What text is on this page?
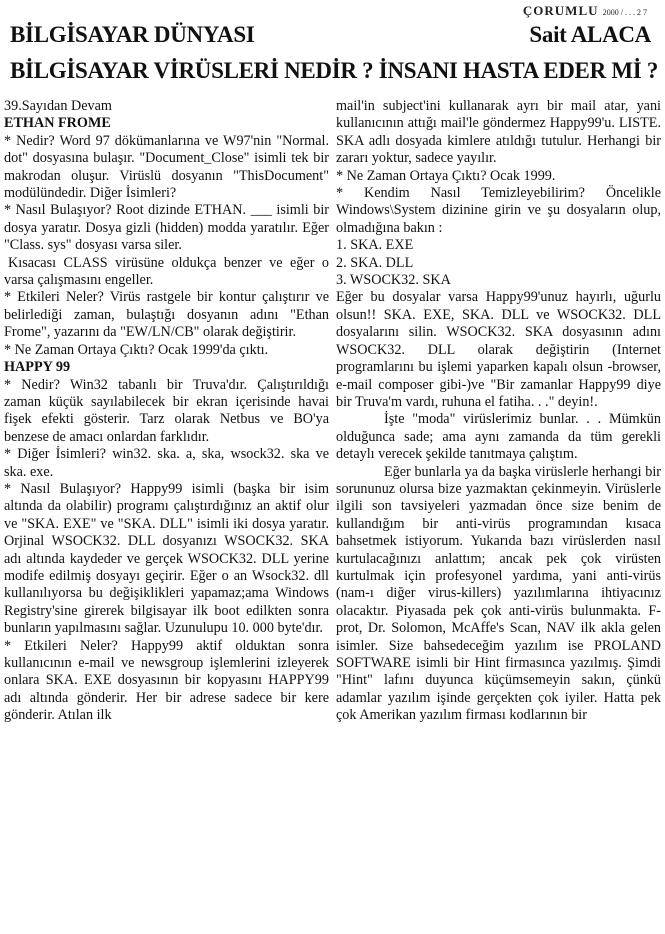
ÇORUMLU 2000 / . . . 2 7
BİLGİSAYAR DÜNYASI	Sait ALACA
BİLGİSAYAR VİRÜSLERİ NEDİR ? İNSANI HASTA EDER Mİ ?

39.Sayıdan Devam

ETHAN FROME

* Nedir? Word 97 dökümanlarına ve W97'nin "Normal. dot" dosyasına bulaşır. "Document_Close" isimli tek bir makrodan oluşur. Virüslü dosyanın "ThisDocument" modülündedir. Diğer İsimleri?

* Nasıl Bulaşıyor? Root dizinde ETHAN. ___ isimli bir dosya yaratır. Dosya gizli (hidden) modda yaratılır. Eğer "Class. sys" dosyası varsa siler.

Kısacası CLASS virüsüne oldukça benzer ve eğer o varsa çalışmasını engeller.

* Etkileri Neler? Virüs rastgele bir kontur çalıştırır ve belirlediği zaman, bulaştığı dosyanın adını "Ethan Frome", yazarını da "EW/LN/CB" olarak değiştirir.

* Ne Zaman Ortaya Çıktı? Ocak 1999'da çıktı.

HAPPY 99

* Nedir? Win32 tabanlı bir Truva'dır. Çalıştırıldığı zaman küçük sayılabilecek bir ekran içerisinde havai fişek efekti gösterir. Tarz olarak Netbus ve BO'ya benzese de amacı onlardan farklıdır.

* Diğer İsimleri? win32. ska. a, ska, wsock32. ska ve ska. exe.

* Nasıl Bulaşıyor? Happy99 isimli (başka bir isim altında da olabilir) programı çalıştırdığınız an aktif olur ve "SKA. EXE" ve "SKA. DLL" isimli iki dosya yaratır. Orjinal WSOCK32. DLL dosyanızı WSOCK32. SKA adı altında kaydeder ve gerçek WSOCK32. DLL yerine modife edilmiş dosyayı geçirir. Eğer o an Wsock32. dll kullanılıyorsa bu değişiklikleri yapamaz;ama Windows Registry'sine girerek bilgisayar ilk boot edilkten sonra bunların yapılmasını sağlar. Uzunulupu 10. 000 byte'dır.

* Etkileri Neler? Happy99 aktif olduktan sonra kullanıcının e-mail ve newsgroup işlemlerini izleyerek onlara SKA. EXE dosyasının bir kopyasını HAPPY99 adı altında gönderir. Her bir adrese sadece bir kere gönderir. Atılan ilk

mail'in subject'ini kullanarak ayrı bir mail atar, yani kullanıcının attığı mail'le göndermez Happy99'u. LISTE. SKA adlı dosyada kimlere atıldığı tutulur. Herhangi bir zararı yoktur, sadece yayılır.

* Ne Zaman Ortaya Çıktı? Ocak 1999.

* Kendim Nasıl Temizleyebilirim? Öncelikle Windows\System dizinine girin ve şu dosyaların olup, olmadığına bakın :

1. SKA. EXE

2. SKA. DLL

3. WSOCK32. SKA

Eğer bu dosyalar varsa Happy99'unuz hayırlı, uğurlu olsun!! SKA. EXE, SKA. DLL ve WSOCK32. DLL dosyalarını silin. WSOCK32. SKA dosyasının adını WSOCK32. DLL olarak değiştirin (Internet programlarını bu işlemi yaparken kapalı olsun -browser, e-mail composer gibi-)ve "Bir zamanlar Happy99 diye bir Truva'm vardı, ruhuna el fatiha. . ." deyin!.

İşte "moda" virüslerimiz bunlar. . . Mümkün olduğunca sade; ama aynı zamanda da tüm gerekli detaylı verecek şekilde tanıtmaya çalıştım.

Eğer bunlarla ya da başka virüslerle herhangi bir sorununuz olursa bize yazmaktan çekinmeyin. Virüslerle ilgili son tavsiyeleri yazmadan önce size benim de kullandığım bir anti-virüs programından kısaca bahsetmek istiyorum. Yukarıda bazı virüslerden nasıl kurtulacağınızı anlattım; ancak pek çok virüsten kurtulmak için profesyonel yardıma, yani anti-virüs (nam-ı diğer virus-killers) yazılımlarına ihtiyacınız olacaktır. Piyasada pek çok anti-virüs bulunmakta. F-prot, Dr. Solomon, McAffe's Scan, NAV ilk akla gelen isimler. Size bahsedeceğim yazılım ise PROLAND SOFTWARE isimli bir Hint firmasınca yazılmış. Şimdi "Hint" lafını duyunca küçümsemeyin sakın, çünkü adamlar yazılım işinde gerçekten çok iyiler. Hatta pek çok Amerikan yazılım firması kodlarının bir
